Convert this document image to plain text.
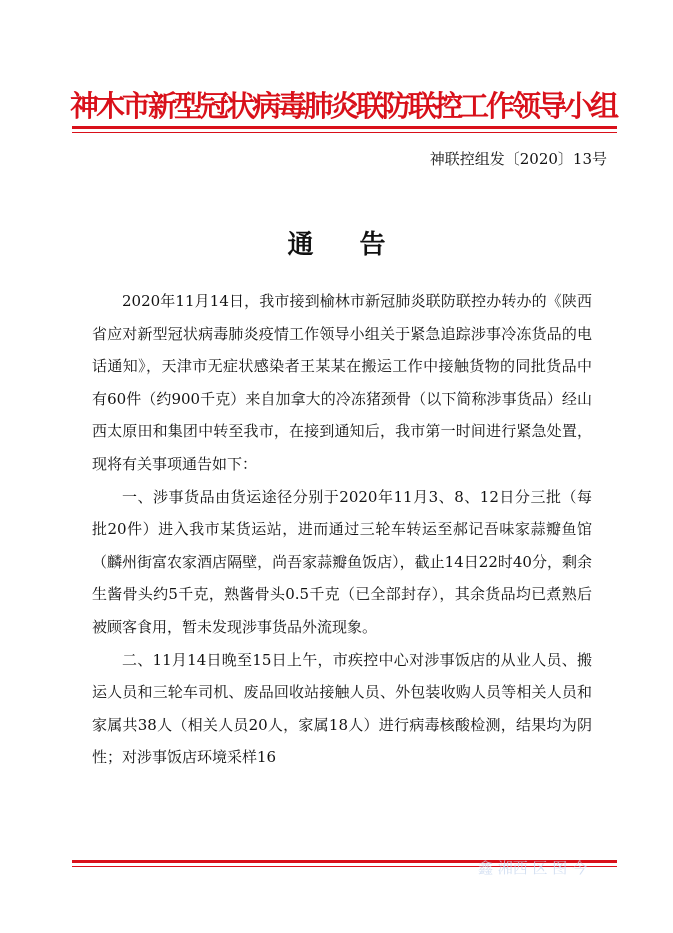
神木市新型冠状病毒肺炎联防联控工作领导小组
神联控组发〔2020〕13号
通告

2020年11月14日，我市接到榆林市新冠肺炎联防联控办转办的《陕西省应对新型冠状病毒肺炎疫情工作领导小组关于紧急追踪涉事冷冻货品的电话通知》，天津市无症状感染者王某某在搬运工作中接触货物的同批货品中有60件（约900千克）来自加拿大的冷冻猪颈骨（以下简称涉事货品）经山西太原田和集团中转至我市，在接到通知后，我市第一时间进行紧急处置，现将有关事项通告如下：

一、涉事货品由货运途径分别于2020年11月3、8、12日分三批（每批20件）进入我市某货运站，进而通过三轮车转运至郝记吾味家蒜瓣鱼馆（麟州街富农家酒店隔壁，尚吾家蒜瓣鱼饭店），截止14日22时40分，剩余生酱骨头约5千克，熟酱骨头0.5千克（已全部封存），其余货品均已煮熟后被顾客食用，暂未发现涉事货品外流现象。

二、11月14日晚至15日上午，市疾控中心对涉事饭店的从业人员、搬运人员和三轮车司机、废品回收站接触人员、外包装收购人员等相关人员和家属共38人（相关人员20人，家属18人）进行病毒核酸检测，结果均为阴性；对涉事饭店环境采样16

鑫 湘西 区 图 今
